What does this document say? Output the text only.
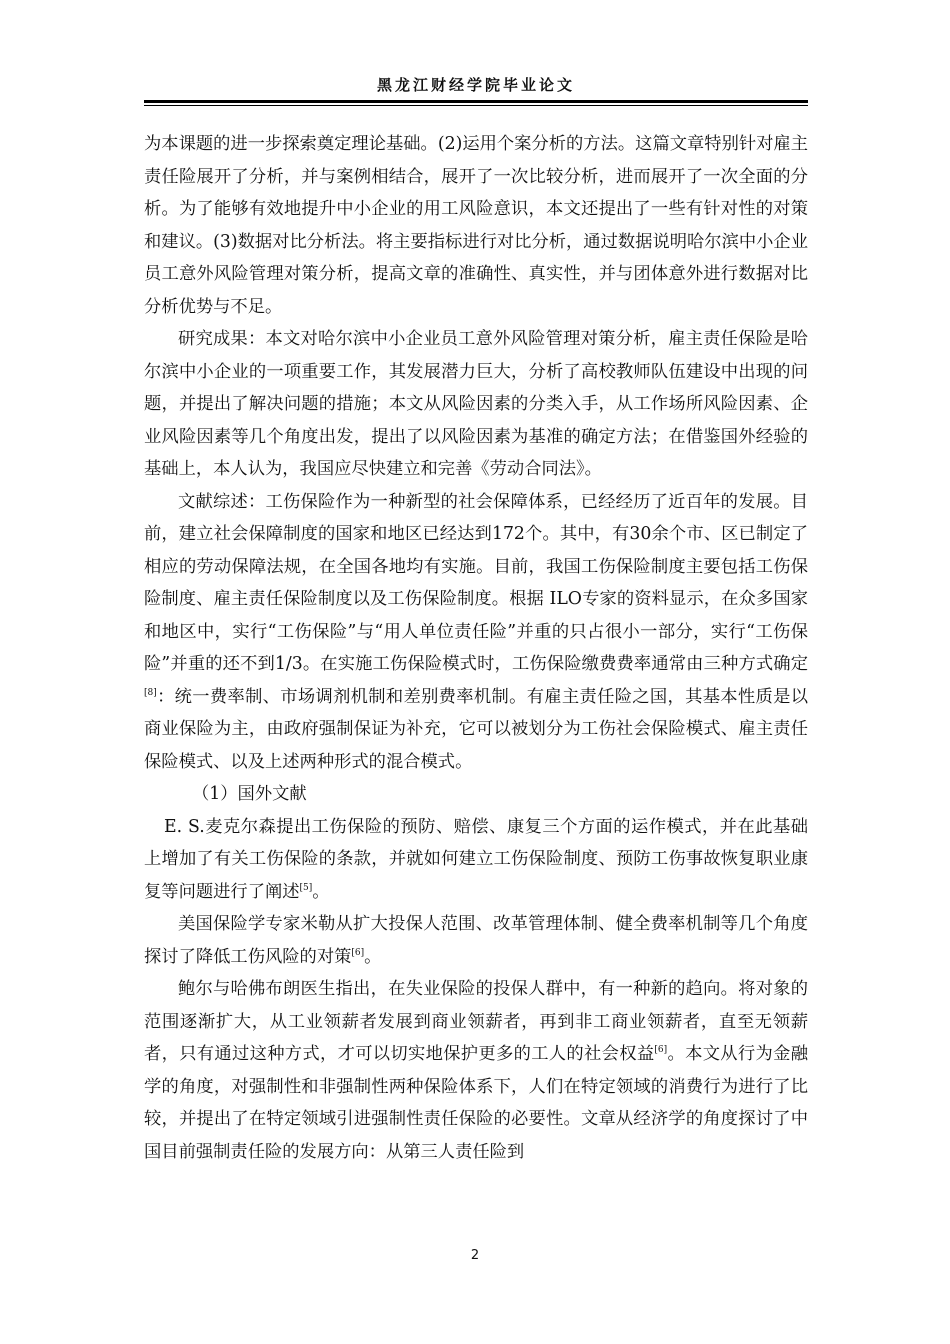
黑龙江财经学院毕业论文

为本课题的进一步探索奠定理论基础。(2)运用个案分析的方法。这篇文章特别针对雇主责任险展开了分析，并与案例相结合，展开了一次比较分析，进而展开了一次全面的分析。为了能够有效地提升中小企业的用工风险意识，本文还提出了一些有针对性的对策和建议。(3)数据对比分析法。将主要指标进行对比分析，通过数据说明哈尔滨中小企业员工意外风险管理对策分析，提高文章的准确性、真实性，并与团体意外进行数据对比分析优势与不足。

研究成果：本文对哈尔滨中小企业员工意外风险管理对策分析，雇主责任保险是哈尔滨中小企业的一项重要工作，其发展潜力巨大，分析了高校教师队伍建设中出现的问题，并提出了解决问题的措施；本文从风险因素的分类入手，从工作场所风险因素、企业风险因素等几个角度出发，提出了以风险因素为基准的确定方法；在借鉴国外经验的基础上，本人认为，我国应尽快建立和完善《劳动合同法》。

文献综述：工伤保险作为一种新型的社会保障体系，已经经历了近百年的发展。目前，建立社会保障制度的国家和地区已经达到172个。其中，有30余个市、区已制定了相应的劳动保障法规，在全国各地均有实施。目前，我国工伤保险制度主要包括工伤保险制度、雇主责任保险制度以及工伤保险制度。根据 ILO专家的资料显示，在众多国家和地区中，实行“工伤保险”与“用人单位责任险”并重的只占很小一部分，实行“工伤保险”并重的还不到1/3。在实施工伤保险模式时，工伤保险缴费费率通常由三种方式确定[8]：统一费率制、市场调剂机制和差别费率机制。有雇主责任险之国，其基本性质是以商业保险为主，由政府强制保证为补充，它可以被划分为工伤社会保险模式、雇主责任保险模式、以及上述两种形式的混合模式。

（1）国外文献

E. S.麦克尔森提出工伤保险的预防、赔偿、康复三个方面的运作模式，并在此基础上增加了有关工伤保险的条款，并就如何建立工伤保险制度、预防工伤事故恢复职业康复等问题进行了阐述[5]。

美国保险学专家米勒从扩大投保人范围、改革管理体制、健全费率机制等几个角度探讨了降低工伤风险的对策[6]。

鲍尔与哈佛布朗医生指出，在失业保险的投保人群中，有一种新的趋向。将对象的范围逐渐扩大，从工业领薪者发展到商业领薪者，再到非工商业领薪者，直至无领薪者，只有通过这种方式，才可以切实地保护更多的工人的社会权益[6]。本文从行为金融学的角度，对强制性和非强制性两种保险体系下，人们在特定领域的消费行为进行了比较，并提出了在特定领域引进强制性责任保险的必要性。文章从经济学的角度探讨了中国目前强制责任险的发展方向：从第三人责任险到

2
